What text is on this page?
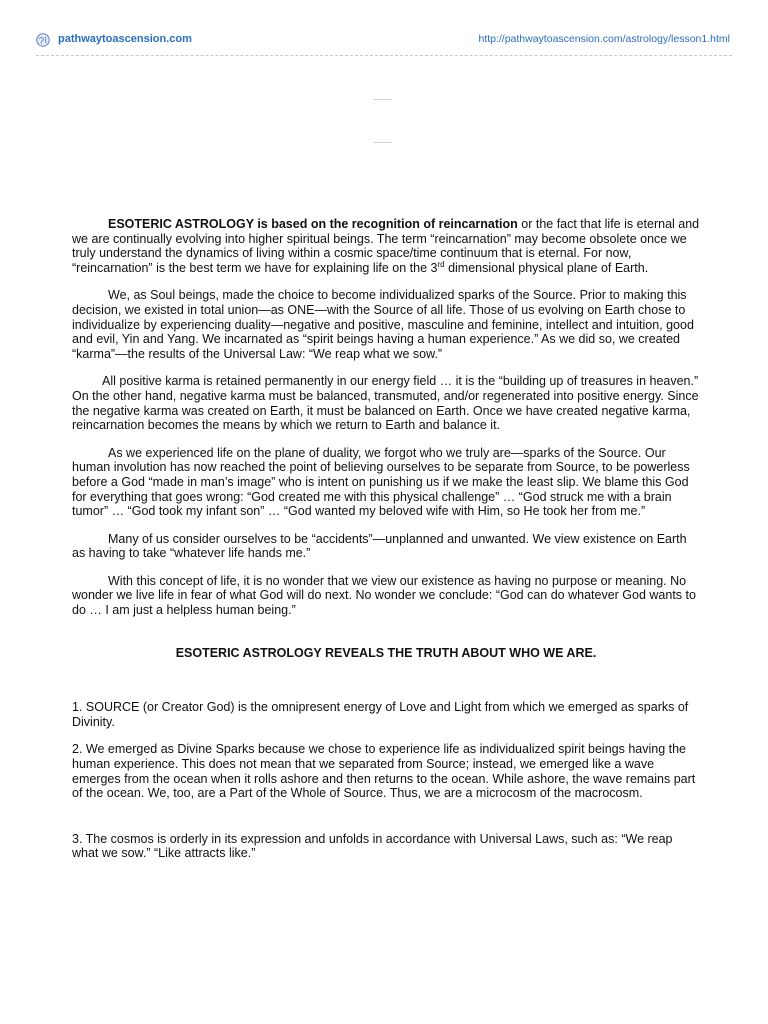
pathwaytoascension.com	http://pathwaytoascension.com/astrology/lesson1.html

ESOTERIC ASTROLOGY is based on the recognition of reincarnation or the fact that life is eternal and we are continually evolving into higher spiritual beings. The term “reincarnation” may become obsolete once we truly understand the dynamics of living within a cosmic space/time continuum that is eternal. For now, “reincarnation” is the best term we have for explaining life on the 3rd dimensional physical plane of Earth.

We, as Soul beings, made the choice to become individualized sparks of the Source. Prior to making this decision, we existed in total union—as ONE—with the Source of all life. Those of us evolving on Earth chose to individualize by experiencing duality—negative and positive, masculine and feminine, intellect and intuition, good and evil, Yin and Yang. We incarnated as “spirit beings having a human experience.” As we did so, we created “karma”—the results of the Universal Law: “We reap what we sow.”

All positive karma is retained permanently in our energy field … it is the “building up of treasures in heaven.” On the other hand, negative karma must be balanced, transmuted, and/or regenerated into positive energy. Since the negative karma was created on Earth, it must be balanced on Earth. Once we have created negative karma, reincarnation becomes the means by which we return to Earth and balance it.

As we experienced life on the plane of duality, we forgot who we truly are—sparks of the Source. Our human involution has now reached the point of believing ourselves to be separate from Source, to be powerless before a God “made in man’s image” who is intent on punishing us if we make the least slip. We blame this God for everything that goes wrong: “God created me with this physical challenge” … “God struck me with a brain tumor” … “God took my infant son” … “God wanted my beloved wife with Him, so He took her from me.”

Many of us consider ourselves to be “accidents”—unplanned and unwanted. We view existence on Earth as having to take “whatever life hands me.”

With this concept of life, it is no wonder that we view our existence as having no purpose or meaning. No wonder we live life in fear of what God will do next. No wonder we conclude: “God can do whatever God wants to do … I am just a helpless human being.”

ESOTERIC ASTROLOGY REVEALS THE TRUTH ABOUT WHO WE ARE.

1. SOURCE (or Creator God) is the omnipresent energy of Love and Light from which we emerged as sparks of Divinity.

2. We emerged as Divine Sparks because we chose to experience life as individualized spirit beings having the human experience. This does not mean that we separated from Source; instead, we emerged like a wave emerges from the ocean when it rolls ashore and then returns to the ocean. While ashore, the wave remains part of the ocean. We, too, are a Part of the Whole of Source. Thus, we are a microcosm of the macrocosm.

3. The cosmos is orderly in its expression and unfolds in accordance with Universal Laws, such as: “We reap what we sow.” “Like attracts like.”
